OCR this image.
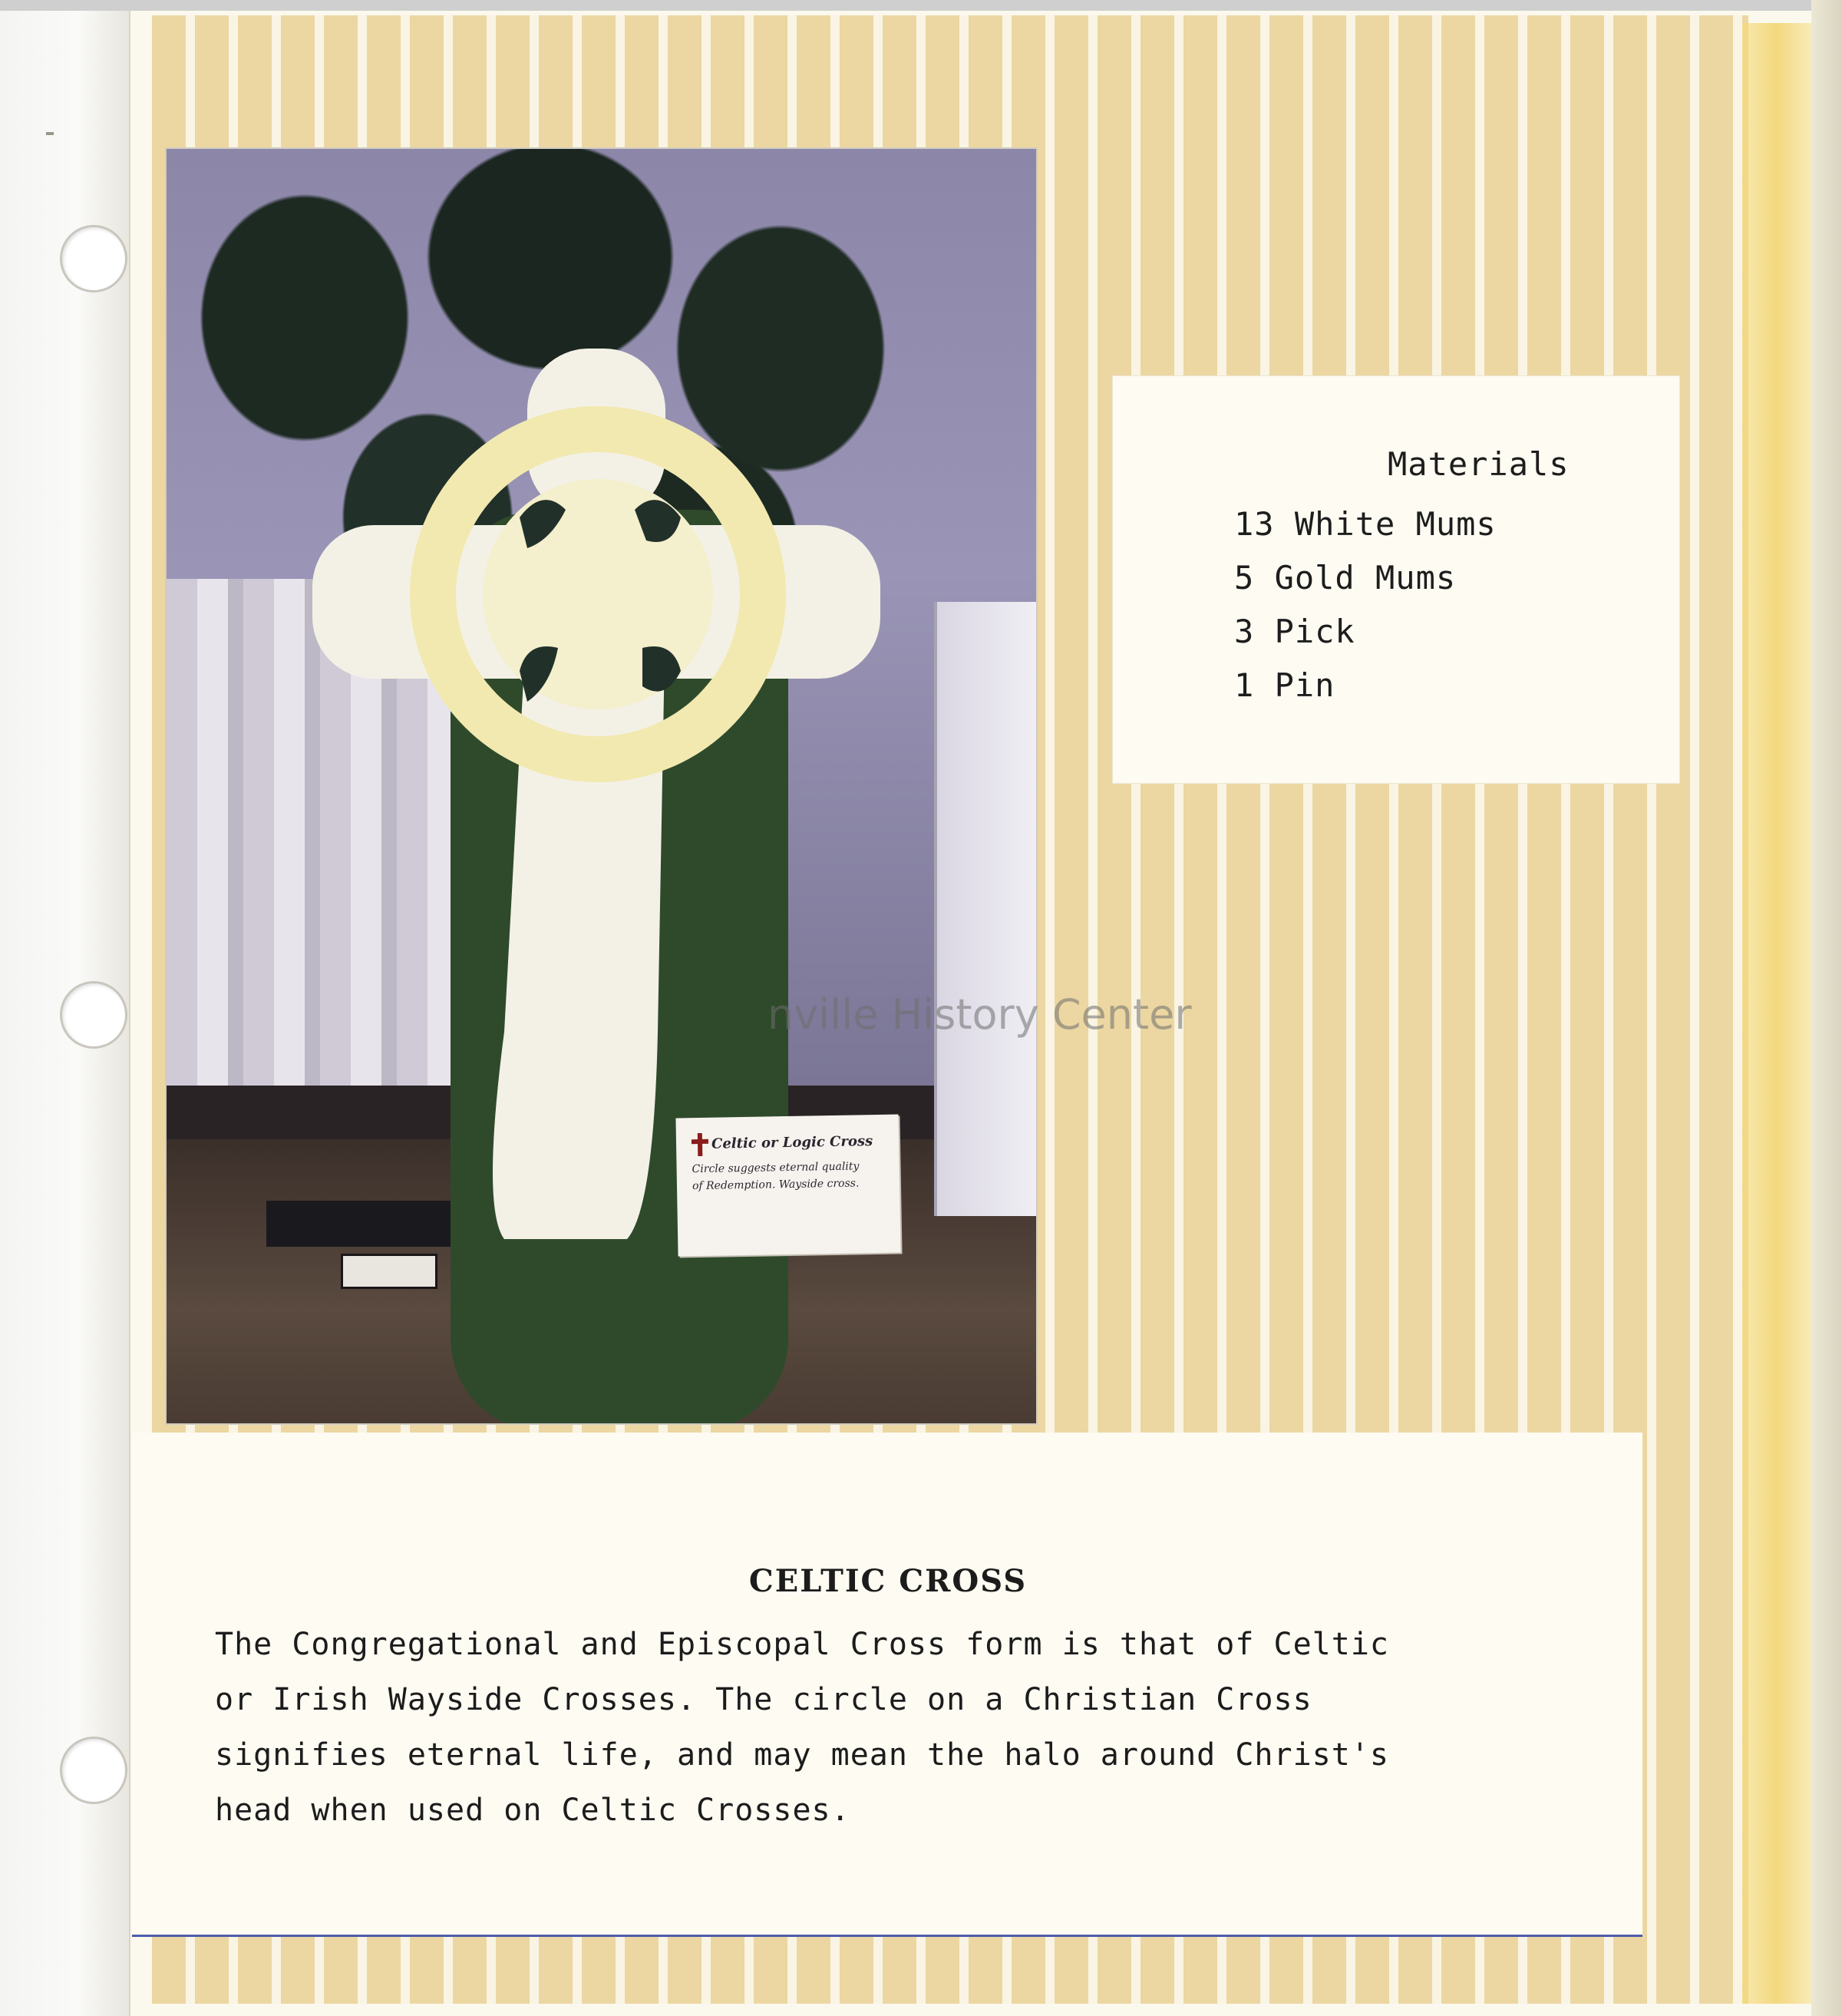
Celtic or Logic Cross
Circle suggests eternal quality
of Redemption. Wayside cross.
nville History Center
Materials
13 White Mums
5 Gold Mums
3 Pick
1 Pin
CELTIC CROSS
The Congregational and Episcopal Cross form is that of Celtic
or Irish Wayside Crosses. The circle on a Christian Cross
signifies eternal life, and may mean the halo around Christ's
head when used on Celtic Crosses.
